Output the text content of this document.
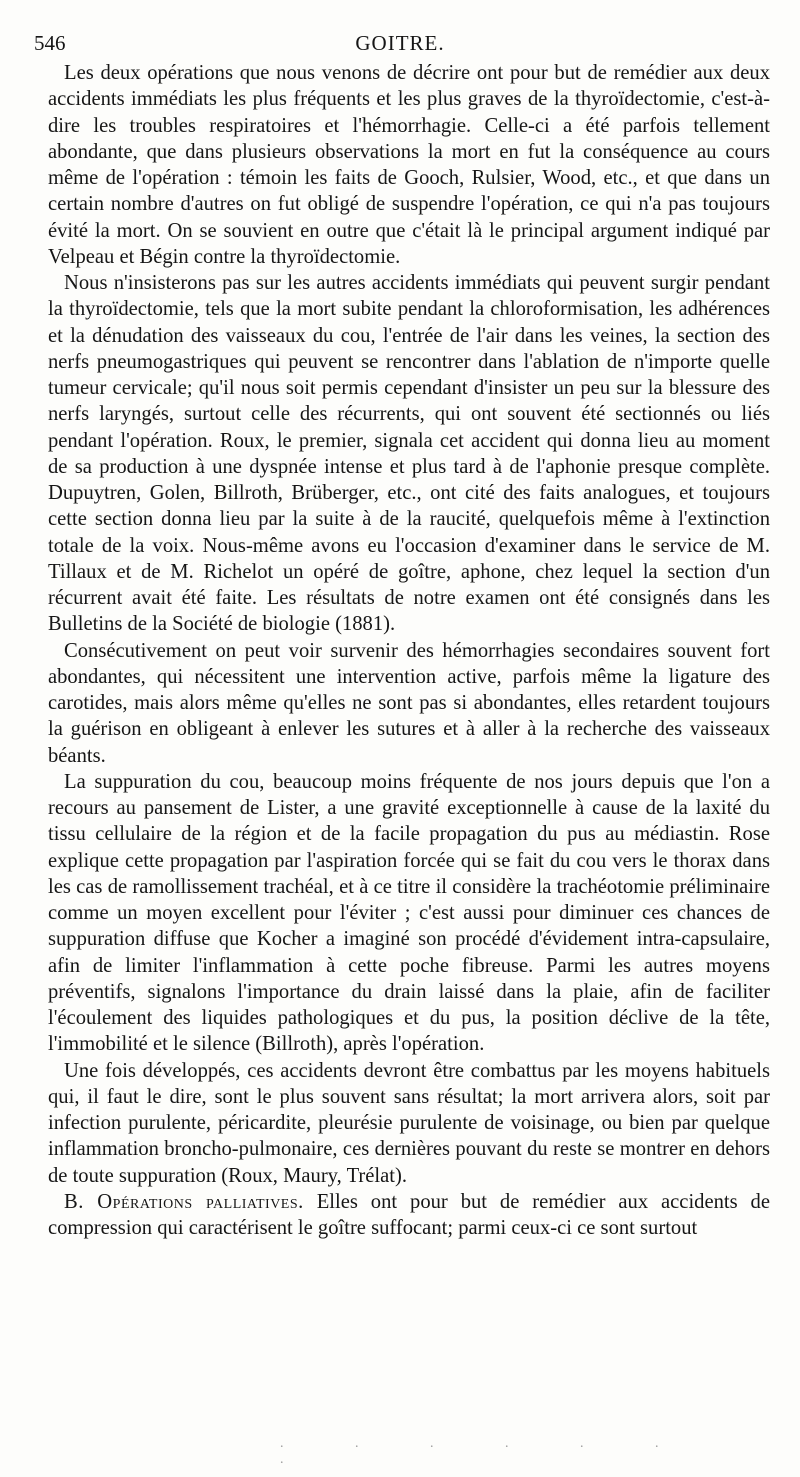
546	GOITRE.

Les deux opérations que nous venons de décrire ont pour but de remédier aux deux accidents immédiats les plus fréquents et les plus graves de la thyroïdectomie, c'est-à-dire les troubles respiratoires et l'hémorrhagie. Celle-ci a été parfois tellement abondante, que dans plusieurs observations la mort en fut la conséquence au cours même de l'opération : témoin les faits de Gooch, Rulsier, Wood, etc., et que dans un certain nombre d'autres on fut obligé de suspendre l'opération, ce qui n'a pas toujours évité la mort. On se souvient en outre que c'était là le principal argument indiqué par Velpeau et Bégin contre la thyroïdectomie.

Nous n'insisterons pas sur les autres accidents immédiats qui peuvent surgir pendant la thyroïdectomie, tels que la mort subite pendant la chloroformisation, les adhérences et la dénudation des vaisseaux du cou, l'entrée de l'air dans les veines, la section des nerfs pneumogastriques qui peuvent se rencontrer dans l'ablation de n'importe quelle tumeur cervicale; qu'il nous soit permis cependant d'insister un peu sur la blessure des nerfs laryngés, surtout celle des récurrents, qui ont souvent été sectionnés ou liés pendant l'opération. Roux, le premier, signala cet accident qui donna lieu au moment de sa production à une dyspnée intense et plus tard à de l'aphonie presque complète. Dupuytren, Golen, Billroth, Brüberger, etc., ont cité des faits analogues, et toujours cette section donna lieu par la suite à de la raucité, quelquefois même à l'extinction totale de la voix. Nous-même avons eu l'occasion d'examiner dans le service de M. Tillaux et de M. Richelot un opéré de goître, aphone, chez lequel la section d'un récurrent avait été faite. Les résultats de notre examen ont été consignés dans les Bulletins de la Société de biologie (1881).

Consécutivement on peut voir survenir des hémorrhagies secondaires souvent fort abondantes, qui nécessitent une intervention active, parfois même la ligature des carotides, mais alors même qu'elles ne sont pas si abondantes, elles retardent toujours la guérison en obligeant à enlever les sutures et à aller à la recherche des vaisseaux béants.

La suppuration du cou, beaucoup moins fréquente de nos jours depuis que l'on a recours au pansement de Lister, a une gravité exceptionnelle à cause de la laxité du tissu cellulaire de la région et de la facile propagation du pus au médiastin. Rose explique cette propagation par l'aspiration forcée qui se fait du cou vers le thorax dans les cas de ramollissement trachéal, et à ce titre il considère la trachéotomie préliminaire comme un moyen excellent pour l'éviter ; c'est aussi pour diminuer ces chances de suppuration diffuse que Kocher a imaginé son procédé d'évidement intra-capsulaire, afin de limiter l'inflammation à cette poche fibreuse. Parmi les autres moyens préventifs, signalons l'importance du drain laissé dans la plaie, afin de faciliter l'écoulement des liquides pathologiques et du pus, la position déclive de la tête, l'immobilité et le silence (Billroth), après l'opération.

Une fois développés, ces accidents devront être combattus par les moyens habituels qui, il faut le dire, sont le plus souvent sans résultat; la mort arrivera alors, soit par infection purulente, péricardite, pleurésie purulente de voisinage, ou bien par quelque inflammation broncho-pulmonaire, ces dernières pouvant du reste se montrer en dehors de toute suppuration (Roux, Maury, Trélat).

B. Opérations palliatives. Elles ont pour but de remédier aux accidents de compression qui caractérisent le goître suffocant; parmi ceux-ci ce sont surtout

. . . . . . .
